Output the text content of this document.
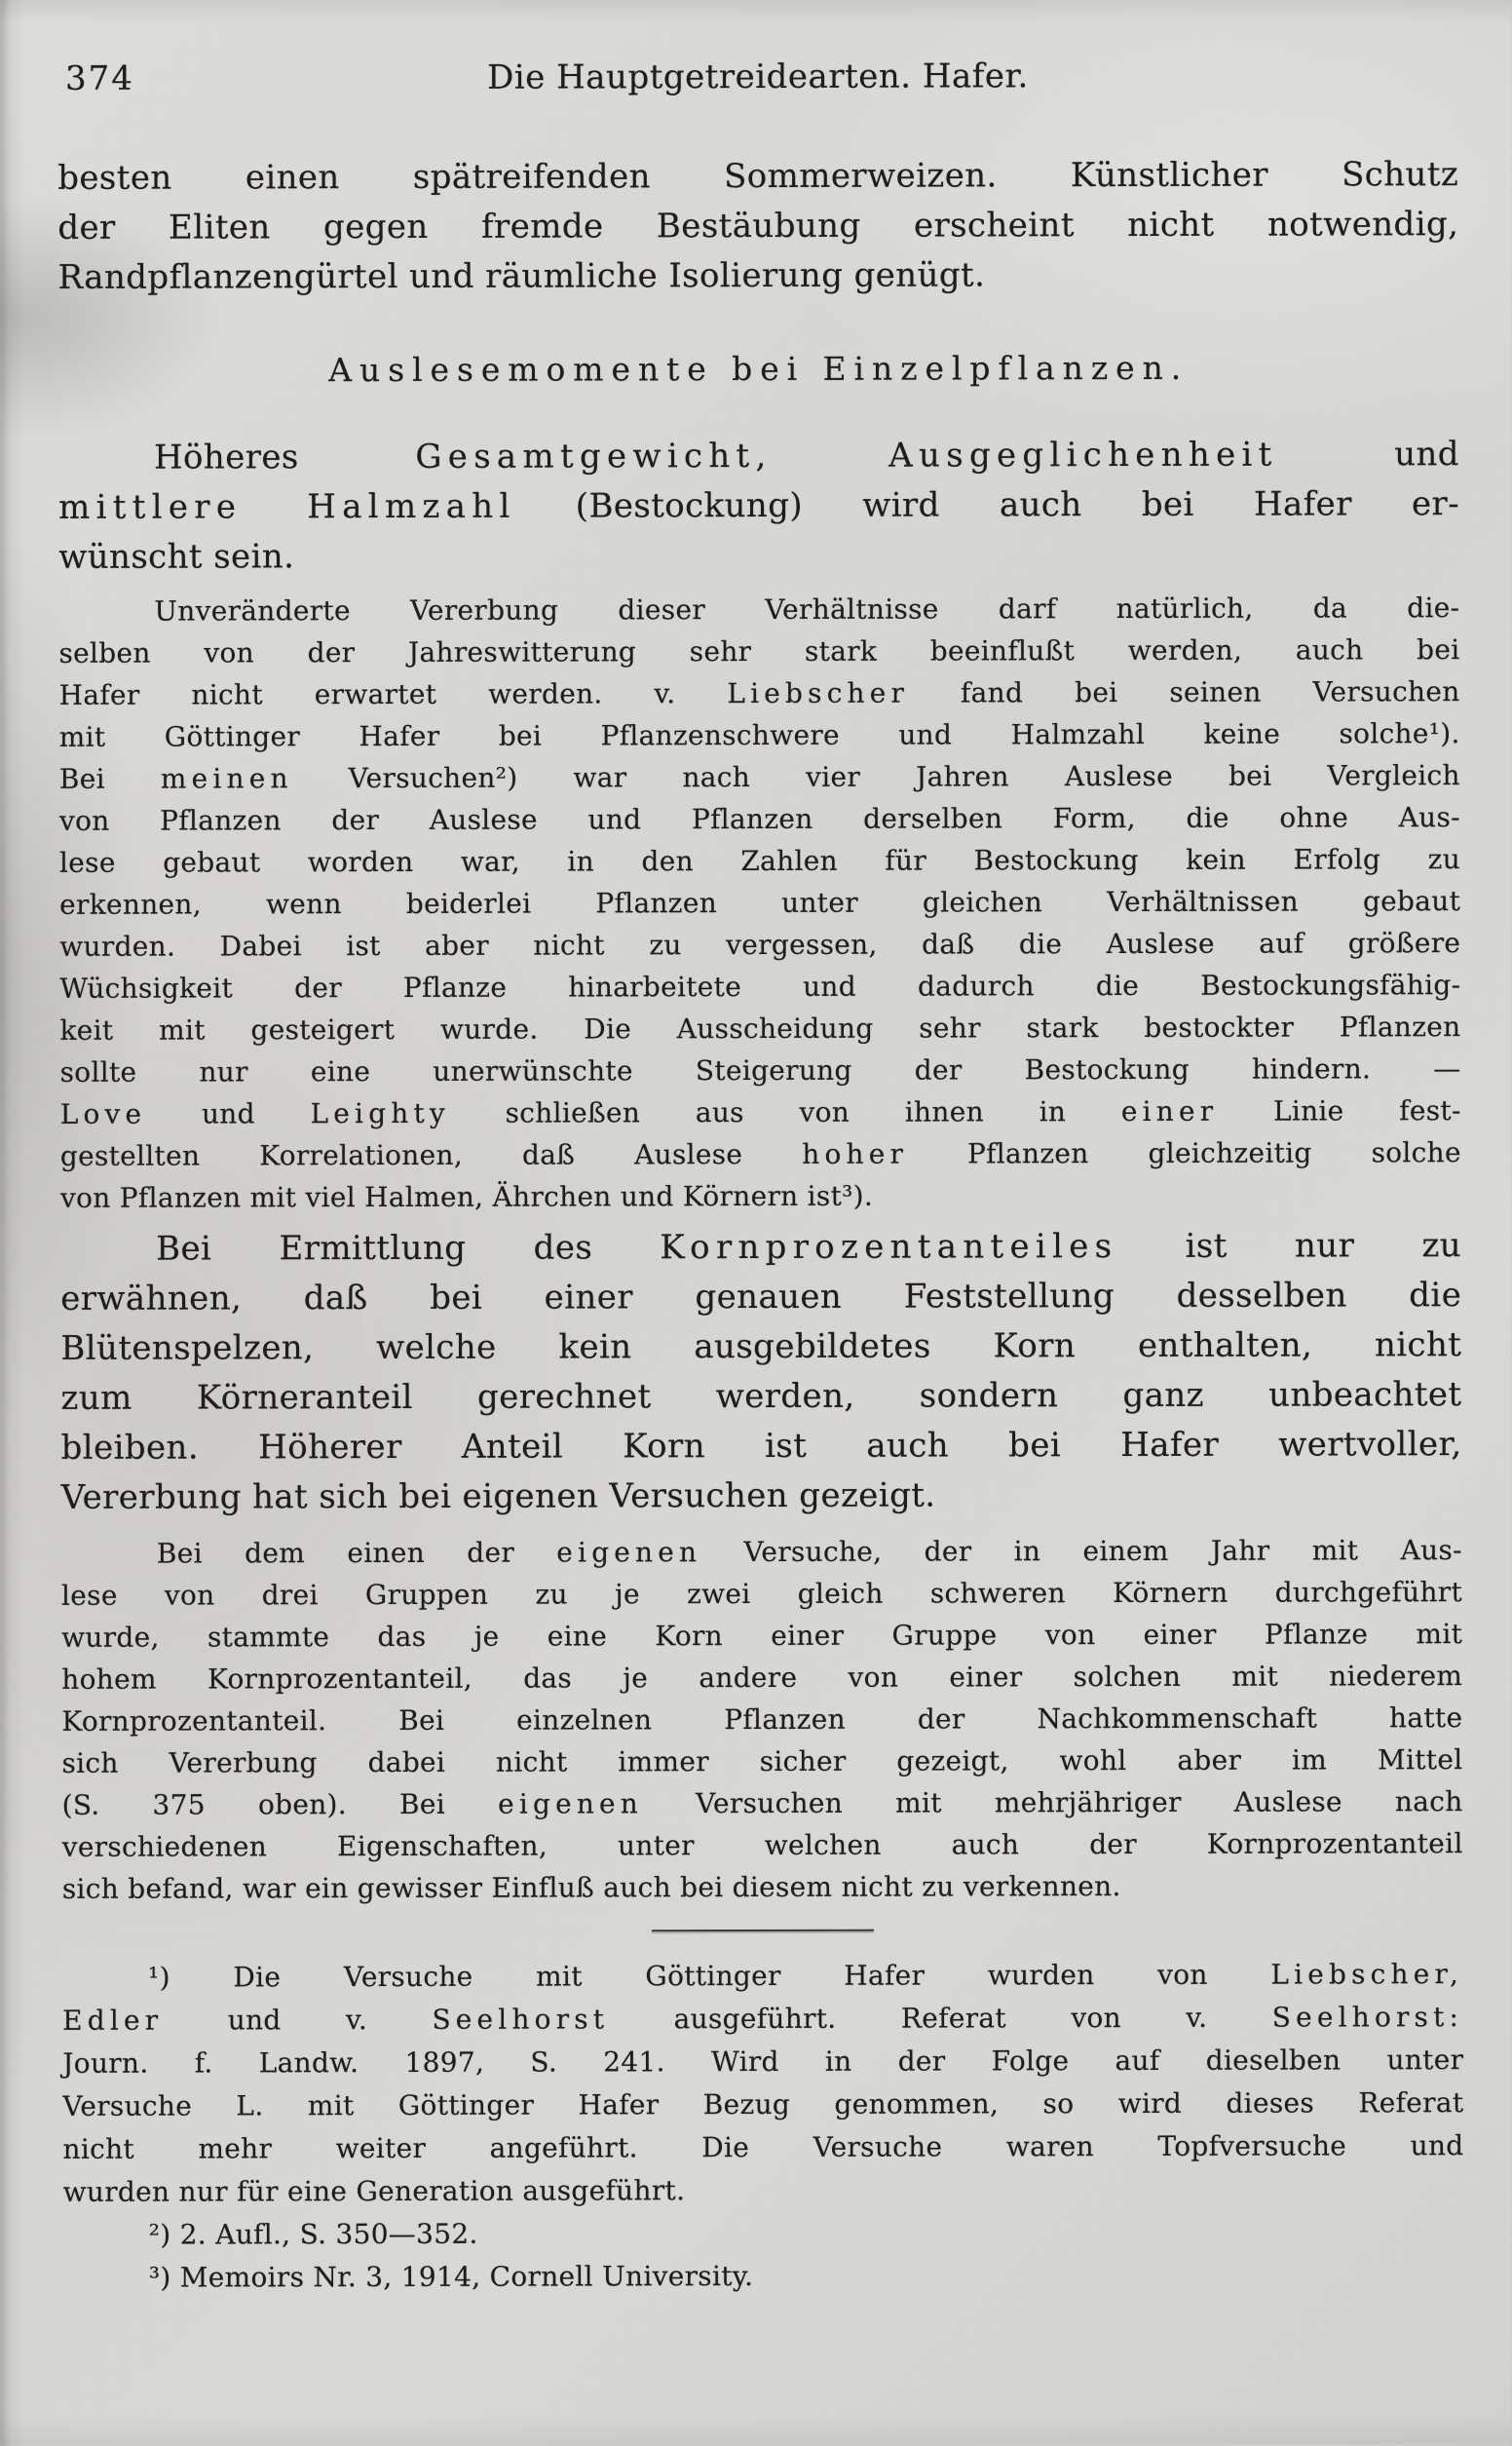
374	Die Hauptgetreidearten. Hafer.
besten einen spätreifenden Sommerweizen. Künstlicher Schutz
der Eliten gegen fremde Bestäubung erscheint nicht notwendig,
Randpflanzengürtel und räumliche Isolierung genügt.
Auslesemomente bei Einzelpflanzen.
Höheres Gesamtgewicht,	Ausgeglichenheit und
mittlere Halmzahl (Bestockung) wird auch bei Hafer er-
wünscht sein.
Unveränderte Vererbung dieser Verhältnisse darf natürlich, da die-
selben von der Jahreswitterung sehr stark beeinflußt werden, auch bei
Hafer nicht erwartet werden. v. Liebscher fand bei seinen Versuchen
mit Göttinger Hafer bei Pflanzenschwere und Halmzahl keine solche¹).
Bei meinen Versuchen²) war nach vier Jahren Auslese bei Vergleich
von Pflanzen der Auslese und Pflanzen derselben Form, die ohne Aus-
lese gebaut worden war, in den Zahlen für Bestockung kein Erfolg zu
erkennen, wenn beiderlei Pflanzen unter gleichen Verhältnissen gebaut
wurden. Dabei ist aber nicht zu vergessen, daß die Auslese auf größere
Wüchsigkeit der Pflanze hinarbeitete und dadurch die Bestockungsfähig-
keit mit gesteigert wurde. Die Ausscheidung sehr stark bestockter Pflanzen
sollte nur eine unerwünschte Steigerung der Bestockung hindern. —
Love und Leighty schließen aus von ihnen in einer Linie fest-
gestellten Korrelationen, daß Auslese hoher Pflanzen gleichzeitig solche
von Pflanzen mit viel Halmen, Ährchen und Körnern ist³).
Bei Ermittlung des Kornprozentanteiles ist nur zu
erwähnen, daß bei einer genauen Feststellung desselben die
Blütenspelzen, welche kein ausgebildetes Korn enthalten, nicht
zum Körneranteil gerechnet werden, sondern ganz unbeachtet
bleiben. Höherer Anteil Korn ist auch bei Hafer wertvoller,
Vererbung hat sich bei eigenen Versuchen gezeigt.
Bei dem einen der eigenen Versuche, der in einem Jahr mit Aus-
lese von drei Gruppen zu je zwei gleich schweren Körnern durchgeführt
wurde, stammte das je eine Korn einer Gruppe von einer Pflanze mit
hohem Kornprozentanteil, das je andere von einer solchen mit niederem
Kornprozentanteil. Bei einzelnen Pflanzen der Nachkommenschaft hatte
sich Vererbung dabei nicht immer sicher gezeigt, wohl aber im Mittel
(S. 375 oben). Bei eigenen Versuchen mit mehrjähriger Auslese nach
verschiedenen Eigenschaften, unter welchen auch der Kornprozentanteil
sich befand, war ein gewisser Einfluß auch bei diesem nicht zu verkennen.
¹) Die Versuche mit Göttinger Hafer wurden von Liebscher,
Edler und v. Seelhorst ausgeführt. Referat von v. Seelhorst:
Journ. f. Landw. 1897, S. 241. Wird in der Folge auf dieselben unter
Versuche L. mit Göttinger Hafer Bezug genommen, so wird dieses Referat
nicht mehr weiter angeführt. Die Versuche waren Topfversuche und
wurden nur für eine Generation ausgeführt.
²) 2. Aufl., S. 350—352.
³) Memoirs Nr. 3, 1914, Cornell University.
